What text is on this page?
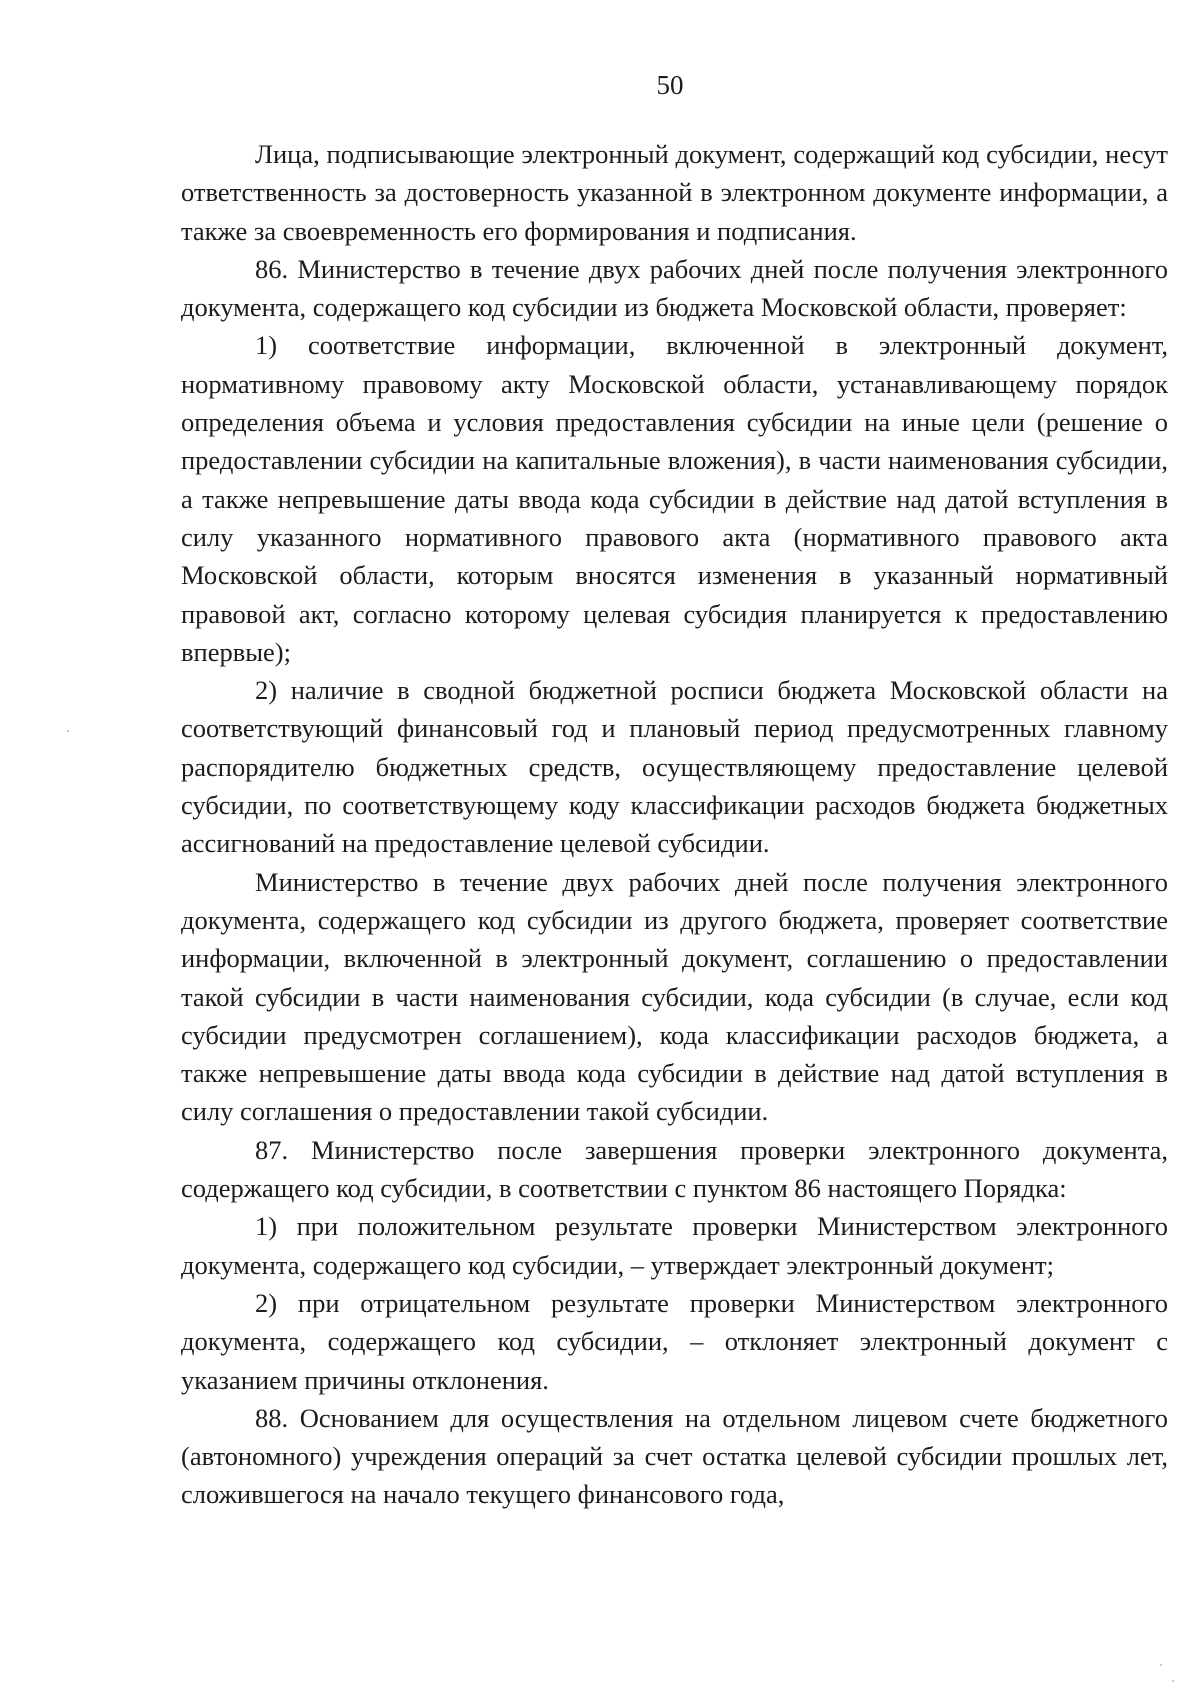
50

Лица, подписывающие электронный документ, содержащий код субсидии, несут ответственность за достоверность указанной в электронном документе информации, а также за своевременность его формирования и подписания.

86. Министерство в течение двух рабочих дней после получения электронного документа, содержащего код субсидии из бюджета Московской области, проверяет:

1) соответствие информации, включенной в электронный документ, нормативному правовому акту Московской области, устанавливающему порядок определения объема и условия предоставления субсидии на иные цели (решение о предоставлении субсидии на капитальные вложения), в части наименования субсидии, а также непревышение даты ввода кода субсидии в действие над датой вступления в силу указанного нормативного правового акта (нормативного правового акта Московской области, которым вносятся изменения в указанный нормативный правовой акт, согласно которому целевая субсидия планируется к предоставлению впервые);

2) наличие в сводной бюджетной росписи бюджета Московской области на соответствующий финансовый год и плановый период предусмотренных главному распорядителю бюджетных средств, осуществляющему предоставление целевой субсидии, по соответствующему коду классификации расходов бюджета бюджетных ассигнований на предоставление целевой субсидии.

Министерство в течение двух рабочих дней после получения электронного документа, содержащего код субсидии из другого бюджета, проверяет соответствие информации, включенной в электронный документ, соглашению о предоставлении такой субсидии в части наименования субсидии, кода субсидии (в случае, если код субсидии предусмотрен соглашением), кода классификации расходов бюджета, а также непревышение даты ввода кода субсидии в действие над датой вступления в силу соглашения о предоставлении такой субсидии.

87. Министерство после завершения проверки электронного документа, содержащего код субсидии, в соответствии с пунктом 86 настоящего Порядка:

1) при положительном результате проверки Министерством электронного документа, содержащего код субсидии, – утверждает электронный документ;

2) при отрицательном результате проверки Министерством электронного документа, содержащего код субсидии, – отклоняет электронный документ с указанием причины отклонения.

88. Основанием для осуществления на отдельном лицевом счете бюджетного (автономного) учреждения операций за счет остатка целевой субсидии прошлых лет, сложившегося на начало текущего финансового года,
